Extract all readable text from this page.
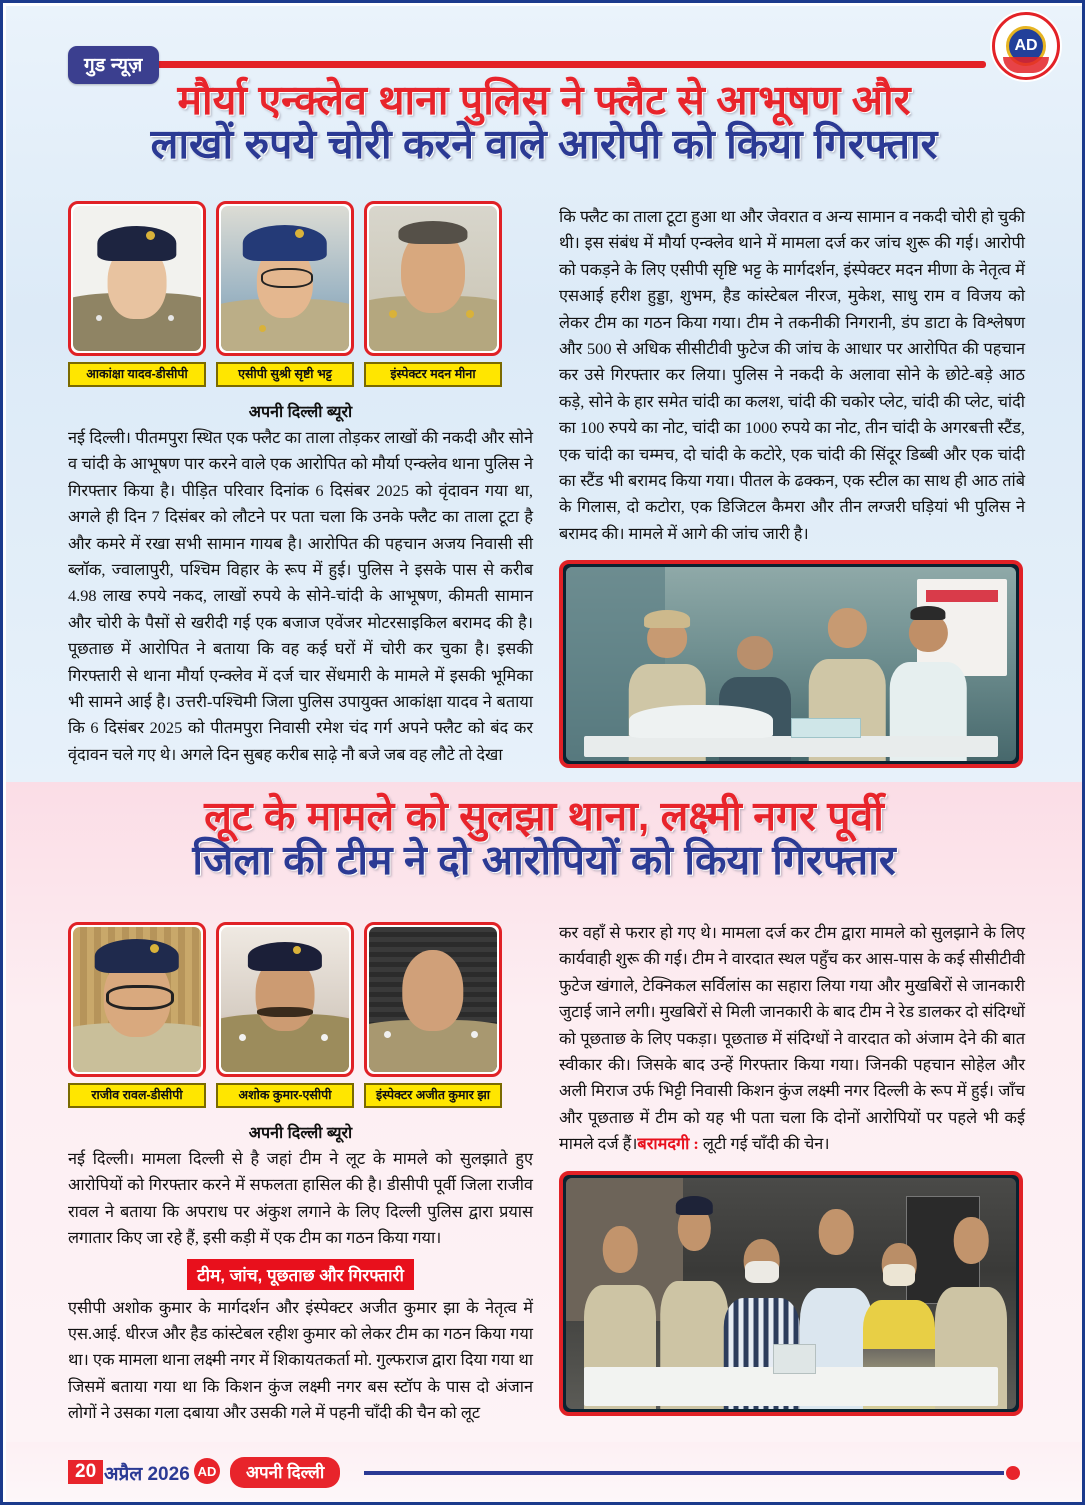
गुड न्यूज़
AD
मौर्या एन्क्लेव थाना पुलिस ने फ्लैट से आभूषण और
लाखों रुपये चोरी करने वाले आरोपी को किया गिरफ्तार
आकांक्षा यादव-डीसीपी	एसीपी सुश्री सृष्टी भट्ट	इंस्पेक्टर मदन मीना
अपनी दिल्ली ब्यूरो

नई दिल्ली। पीतमपुरा स्थित एक फ्लैट का ताला तोड़कर लाखों की नकदी और सोने व चांदी के आभूषण पार करने वाले एक आरोपित को मौर्या एन्क्लेव थाना पुलिस ने गिरफ्तार किया है। पीड़ित परिवार दिनांक 6 दिसंबर 2025 को वृंदावन गया था, अगले ही दिन 7 दिसंबर को लौटने पर पता चला कि उनके फ्लैट का ताला टूटा है और कमरे में रखा सभी सामान गायब है। आरोपित की पहचान अजय निवासी सी ब्लॉक, ज्वालापुरी, पश्चिम विहार के रूप में हुई। पुलिस ने इसके पास से करीब 4.98 लाख रुपये नकद, लाखों रुपये के सोने-चांदी के आभूषण, कीमती सामान और चोरी के पैसों से खरीदी गई एक बजाज एवेंजर मोटरसाइकिल बरामद की है। पूछताछ में आरोपित ने बताया कि वह कई घरों में चोरी कर चुका है। इसकी गिरफ्तारी से थाना मौर्या एन्क्लेव में दर्ज चार सेंधमारी के मामले में इसकी भूमिका भी सामने आई है। उत्तरी-पश्चिमी जिला पुलिस उपायुक्त आकांक्षा यादव ने बताया कि 6 दिसंबर 2025 को पीतमपुरा निवासी रमेश चंद गर्ग अपने फ्लैट को बंद कर वृंदावन चले गए थे। अगले दिन सुबह करीब साढ़े नौ बजे जब वह लौटे तो देखा

कि फ्लैट का ताला टूटा हुआ था और जेवरात व अन्य सामान व नकदी चोरी हो चुकी थी। इस संबंध में मौर्या एन्क्लेव थाने में मामला दर्ज कर जांच शुरू की गई। आरोपी को पकड़ने के लिए एसीपी सृष्टि भट्ट के मार्गदर्शन, इंस्पेक्टर मदन मीणा के नेतृत्व में एसआई हरीश हुड्डा, शुभम, हैड कांस्टेबल नीरज, मुकेश, साधु राम व विजय को लेकर टीम का गठन किया गया। टीम ने तकनीकी निगरानी, डंप डाटा के विश्लेषण और 500 से अधिक सीसीटीवी फुटेज की जांच के आधार पर आरोपित की पहचान कर उसे गिरफ्तार कर लिया। पुलिस ने नकदी के अलावा सोने के छोटे-बड़े आठ कड़े, सोने के हार समेत चांदी का कलश, चांदी की चकोर प्लेट, चांदी की प्लेट, चांदी का 100 रुपये का नोट, चांदी का 1000 रुपये का नोट, तीन चांदी के अगरबत्ती स्टैंड, एक चांदी का चम्मच, दो चांदी के कटोरे, एक चांदी की सिंदूर डिब्बी और एक चांदी का स्टैंड भी बरामद किया गया। पीतल के ढक्कन, एक स्टील का साथ ही आठ तांबे के गिलास, दो कटोरा, एक डिजिटल कैमरा और तीन लग्जरी घड़ियां भी पुलिस ने बरामद की। मामले में आगे की जांच जारी है।

लूट के मामले को सुलझा थाना, लक्ष्मी नगर पूर्वी
जिला की टीम ने दो आरोपियों को किया गिरफ्तार
राजीव रावल-डीसीपी	अशोक कुमार-एसीपी	इंस्पेक्टर अजीत कुमार झा
अपनी दिल्ली ब्यूरो

नई दिल्ली। मामला दिल्ली से है जहां टीम ने लूट के मामले को सुलझाते हुए आरोपियों को गिरफ्तार करने में सफलता हासिल की है। डीसीपी पूर्वी जिला राजीव रावल ने बताया कि अपराध पर अंकुश लगाने के लिए दिल्ली पुलिस द्वारा प्रयास लगातार किए जा रहे हैं, इसी कड़ी में एक टीम का गठन किया गया।

टीम, जांच, पूछताछ और गिरफ्तारी

एसीपी अशोक कुमार के मार्गदर्शन और इंस्पेक्टर अजीत कुमार झा के नेतृत्व में एस.आई. धीरज और हैड कांस्टेबल रहीश कुमार को लेकर टीम का गठन किया गया था। एक मामला थाना लक्ष्मी नगर में शिकायतकर्ता मो. गुल्फराज द्वारा दिया गया था जिसमें बताया गया था कि किशन कुंज लक्ष्मी नगर बस स्टॉप के पास दो अंजान लोगों ने उसका गला दबाया और उसकी गले में पहनी चाँदी की चैन को लूट

कर वहाँ से फरार हो गए थे। मामला दर्ज कर टीम द्वारा मामले को सुलझाने के लिए कार्यवाही शुरू की गई। टीम ने वारदात स्थल पहुँच कर आस-पास के कई सीसीटीवी फुटेज खंगाले, टेक्निकल सर्विलांस का सहारा लिया गया और मुखबिरों से जानकारी जुटाई जाने लगी। मुखबिरों से मिली जानकारी के बाद टीम ने रेड डालकर दो संदिग्धों को पूछताछ के लिए पकड़ा। पूछताछ में संदिग्धों ने वारदात को अंजाम देने की बात स्वीकार की। जिसके बाद उन्हें गिरफ्तार किया गया। जिनकी पहचान सोहेल और अली मिराज उर्फ भिट्टी निवासी किशन कुंज लक्ष्मी नगर दिल्ली के रूप में हुई। जाँच और पूछताछ में टीम को यह भी पता चला कि दोनों आरोपियों पर पहले भी कई मामले दर्ज हैं।बरामदगी : लूटी गई चाँदी की चेन।

20 अप्रैल 2026 AD	अपनी दिल्ली
